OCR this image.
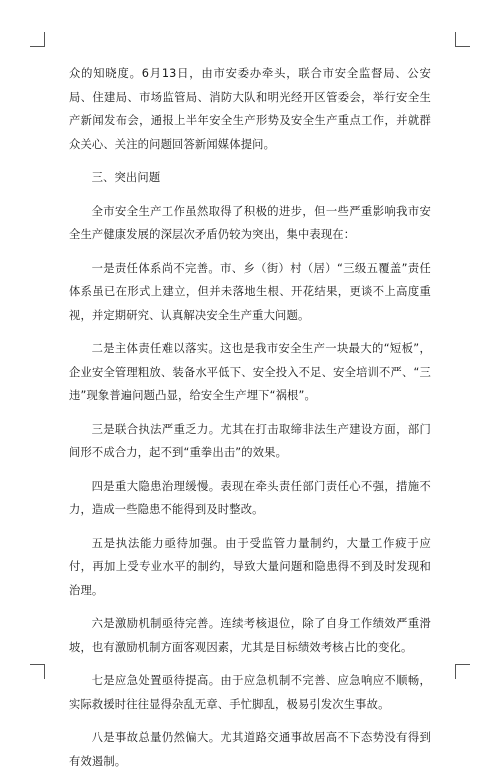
众的知晓度。6月13日，由市安委办牵头，联合市安全监督局、公安局、住建局、市场监管局、消防大队和明光经开区管委会，举行安全生产新闻发布会，通报上半年安全生产形势及安全生产重点工作，并就群众关心、关注的问题回答新闻媒体提问。

三、突出问题

全市安全生产工作虽然取得了积极的进步，但一些严重影响我市安全生产健康发展的深层次矛盾仍较为突出，集中表现在：

一是责任体系尚不完善。市、乡（街）村（居）“三级五覆盖”责任体系虽已在形式上建立，但并未落地生根、开花结果，更谈不上高度重视，并定期研究、认真解决安全生产重大问题。

二是主体责任难以落实。这也是我市安全生产一块最大的“短板”，企业安全管理粗放、装备水平低下、安全投入不足、安全培训不严、“三违”现象普遍问题凸显，给安全生产埋下“祸根”。

三是联合执法严重乏力。尤其在打击取缔非法生产建设方面，部门间形不成合力，起不到“重拳出击”的效果。

四是重大隐患治理缓慢。表现在牵头责任部门责任心不强，措施不力，造成一些隐患不能得到及时整改。

五是执法能力亟待加强。由于受监管力量制约，大量工作疲于应付，再加上受专业水平的制约，导致大量问题和隐患得不到及时发现和治理。

六是激励机制亟待完善。连续考核退位，除了自身工作绩效严重滑坡，也有激励机制方面客观因素，尤其是目标绩效考核占比的变化。

七是应急处置亟待提高。由于应急机制不完善、应急响应不顺畅，实际救援时往往显得杂乱无章、手忙脚乱，极易引发次生事故。

八是事故总量仍然偏大。尤其道路交通事故居高不下态势没有得到有效遏制。
